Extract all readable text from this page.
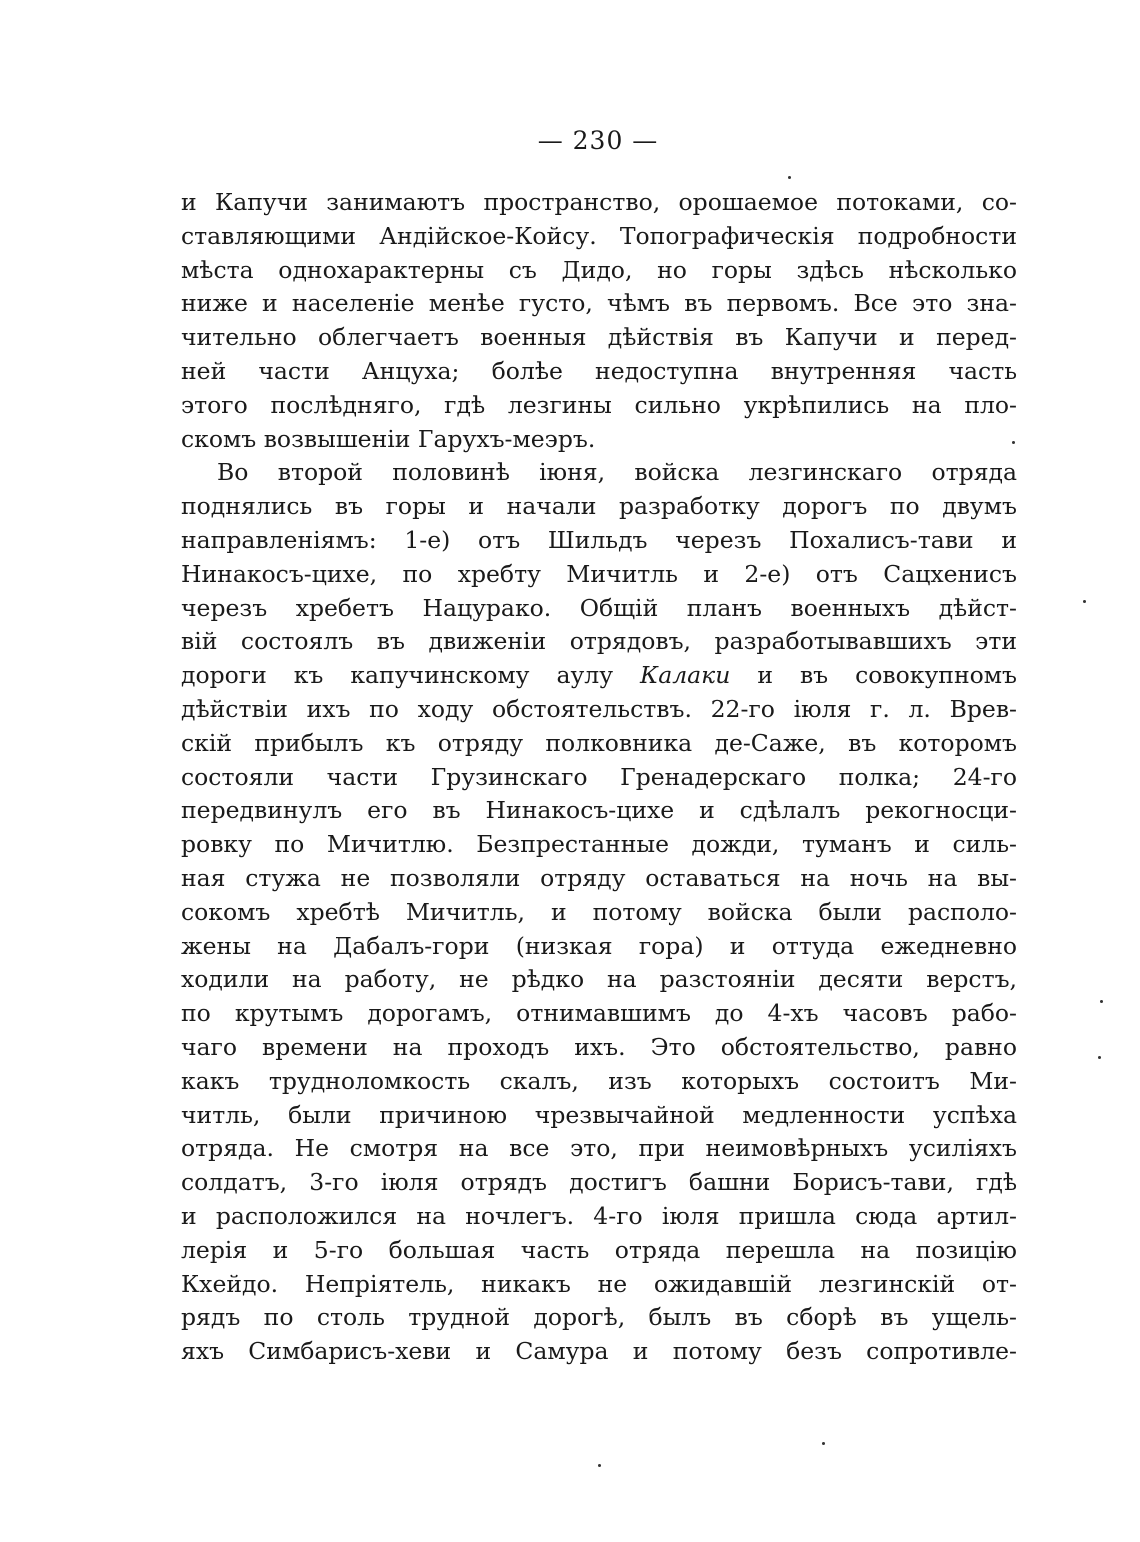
— 230 —
и Капучи занимаютъ пространство, орошаемое потоками, со-
ставляющими Андійское-Койсу. Топографическія подробности
мѣста однохарактерны съ Дидо, но горы здѣсь нѣсколько
ниже и населеніе менѣе густо, чѣмъ въ первомъ. Все это зна-
чительно облегчаетъ военныя дѣйствія въ Капучи и перед-
ней части Анцуха; болѣе недоступна внутренняя часть
этого послѣдняго, гдѣ лезгины сильно укрѣпились на пло-
скомъ возвышеніи Гарухъ-меэръ.
Во второй половинѣ іюня, войска лезгинскаго отряда
поднялись въ горы и начали разработку дорогъ по двумъ
направленіямъ: 1-е) отъ Шильдъ черезъ Похалисъ-тави и
Нинакосъ-цихе, по хребту Мичитль и 2-е) отъ Сацхенисъ
черезъ хребетъ Нацурако. Общій планъ военныхъ дѣйст-
вій состоялъ въ движеніи отрядовъ, разработывавшихъ эти
дороги къ капучинскому аулу Калаки и въ совокупномъ
дѣйствіи ихъ по ходу обстоятельствъ. 22-го іюля г. л. Врев-
скій прибылъ къ отряду полковника де-Саже, въ которомъ
состояли части Грузинскаго Гренадерскаго полка; 24-го
передвинулъ его въ Нинакосъ-цихе и сдѣлалъ рекогносци-
ровку по Мичитлю. Безпрестанные дожди, туманъ и силь-
ная стужа не позволяли отряду оставаться на ночь на вы-
сокомъ хребтѣ Мичитль, и потому войска были располо-
жены на Дабалъ-гори (низкая гора) и оттуда ежедневно
ходили на работу, не рѣдко на разстояніи десяти верстъ,
по крутымъ дорогамъ, отнимавшимъ до 4-хъ часовъ рабо-
чаго времени на проходъ ихъ. Это обстоятельство, равно
какъ трудноломкость скалъ, изъ которыхъ состоитъ Ми-
читль, были причиною чрезвычайной медленности успѣха
отряда. Не смотря на все это, при неимовѣрныхъ усиліяхъ
солдатъ, 3-го іюля отрядъ достигъ башни Борисъ-тави, гдѣ
и расположился на ночлегъ. 4-го іюля пришла сюда артил-
лерія и 5-го большая часть отряда перешла на позицію
Кхейдо. Непріятель, никакъ не ожидавшій лезгинскій от-
рядъ по столь трудной дорогѣ, былъ въ сборѣ въ ущель-
яхъ Симбарисъ-хеви и Самура и потому безъ сопротивле-
